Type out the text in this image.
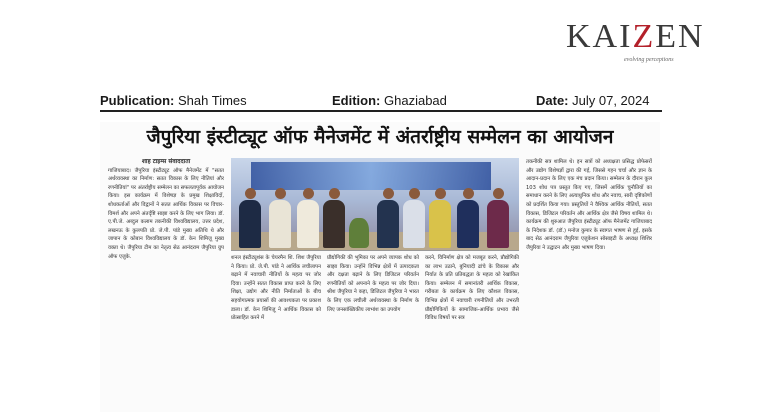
KAIZEN
evolving perceptions
Publication: Shah Times	Edition: Ghaziabad	Date: July 07, 2024
जैपुरिया इंस्टीट्यूट ऑफ मैनेजमेंट में अंतर्राष्ट्रीय सम्मेलन का आयोजन
शाह टाइम्स संवाददाता
गाजियाबाद। जैपुरिया इंस्टीट्यूट ऑफ मैनेजमेंट में "सतत अर्थव्यवस्था का निर्माण: सतत विकास के लिए नीतियां और रणनीतियां" पर अंतर्राष्ट्रीय सम्मेलन का सफलतापूर्वक आयोजन किया। इस कार्यक्रम में विशेषज्ञ के प्रमुख शिक्षाविदों, शोधकर्ताओं और विद्वानों ने सतत आर्थिक विकास पर विचार-विमर्श और अपने अंतर्दृष्टि साझा करने के लिए भाग लिया। डॉ. ए.पी.जे. अब्दुल कलाम तकनीकी विश्वविद्यालय, उत्तर प्रदेश, लखनऊ के कुलपति प्रो. जे.पी. पांडे मुख्य अतिथि थे और जापान के कोबान विश्वविद्यालय के डॉ. केन शिमिज़ू मुख्य वक्ता थे। जैपुरिया टीम का नेतृत्व सेठ आनंदराम जैपुरिया ग्रुप ऑफ एजुके.	शनल इंस्टीट्यूशंस के चेयरमैन शि. शिश जैपुरिया ने किया। प्रो. जे.पी. पांडे ने आर्थिक लचीलापन बढ़ाने में नवाचारी नीतियों के महत्व पर जोर दिया। उन्होंने सतत विकास प्राप्त करने के लिए शिक्षा, उद्योग और नीति निर्माताओं के बीच सहयोगात्मक प्रयासों की आवश्यकता पर प्रकाश डाला। डॉ. केन शिमिज़ू ने आर्थिक विकास को प्रोत्साहित करने में
प्रौद्योगिकी की भूमिका पर अपने व्यापक शोध को साझा किया। उन्होंने विभिन्न क्षेत्रों में उत्पादकता और दक्षता बढ़ाने के लिए डिजिटल परिवर्तन रणनीतियों को अपनाने के महत्व पर जोर दिया। श्रीश जैपुरिया ने कहा, डिजिटल जैपुरिया ने भारत के लिए एक लचीली अर्थव्यवस्था के निर्माण के लिए जनसांख्यिकीय लाभांश का उपयोग
करने, विनिर्माण क्षेत्र को मजबूत करने, प्रौद्योगिकी का लाभ उठाने, बुनियादी ढांचे के विकास और निर्यात के प्रति प्रतिबद्धता के महत्व को रेखांकित किया। सम्मेलन में समानांतरी आर्थिक विकास, गरीबता के कार्यक्रम के लिए कौशल विकास, विभिन्न क्षेत्रों में नवाचारी रणनीतियों और उभरती प्रौद्योगिकियों के सामाजिक-आर्थिक प्रभाव जैसे विविध विषयों पर सत्र
तकनीकी सत्र शामिल थे। इन सत्रों को अध्यक्षता प्रसिद्ध प्रोफेसरों और उद्योग विशेषज्ञों द्वारा की गई, जिससे गहन चर्चा और ज्ञान के आदान-प्रदान के लिए एक मंच प्रदान किया। सम्मेलन के दौरान कुल 103 शोध पत्र प्रस्तुत किए गए, जिसमें आर्थिक चुनौतियों का समाधान करने के लिए अत्याधुनिक शोध और नवाच, सारी दृष्टिकोणों को प्रदर्शित किया गया। प्रस्तुतियों ने वैश्विक आर्थिक नीतियों, सतत विकास, डिजिटल परिवर्तन और आर्थिक क्षेत्र जैसे विषय शामिल थे। कार्यक्रम की शुरुआत जैपुरिया इंस्टीट्यूट ऑफ मैनेजमेंट गाजियाबाद के निदेशक डॉ. (डॉ.) मनोज कुमार के स्वागत भाषण से हुई, इसके बाद सेठ आनंदराम जैपुरिया एजुकेशन सोसाइटी के अध्यक्ष शिशिर जैपुरिया ने उद्घाटन और मुख्य भाषण दिया।
